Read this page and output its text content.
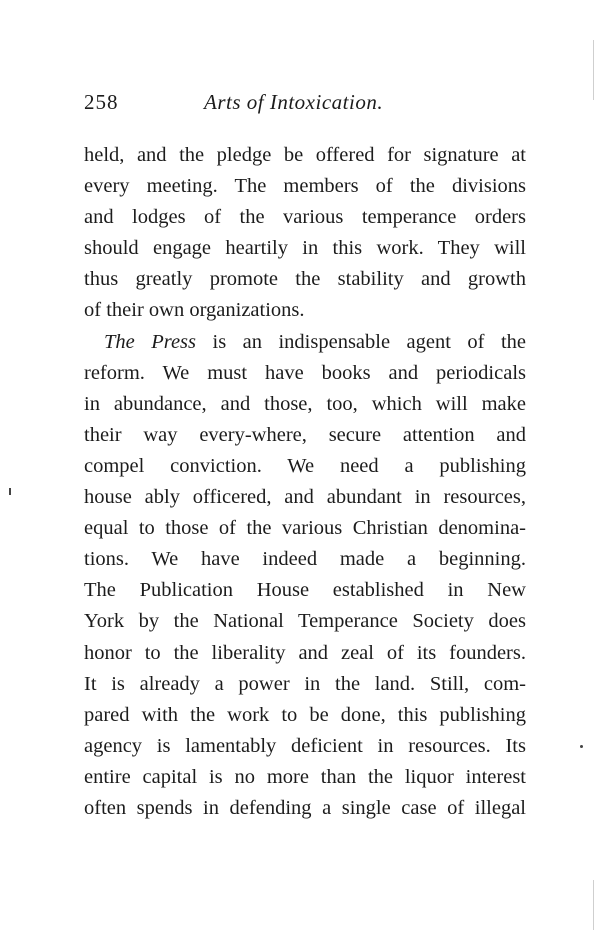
258	Arts of Intoxication.
held, and the pledge be offered for signature at
every meeting. The members of the divisions
and lodges of the various temperance orders
should engage heartily in this work. They will
thus greatly promote the stability and growth
of their own organizations.
The Press is an indispensable agent of the
reform. We must have books and periodicals
in abundance, and those, too, which will make
their way every-where, secure attention and
compel conviction. We need a publishing
house ably officered, and abundant in resources,
equal to those of the various Christian denomina-
tions. We have indeed made a beginning.
The Publication House established in New
York by the National Temperance Society does
honor to the liberality and zeal of its founders.
It is already a power in the land. Still, com-
pared with the work to be done, this publishing
agency is lamentably deficient in resources. Its
entire capital is no more than the liquor interest
often spends in defending a single case of illegal
